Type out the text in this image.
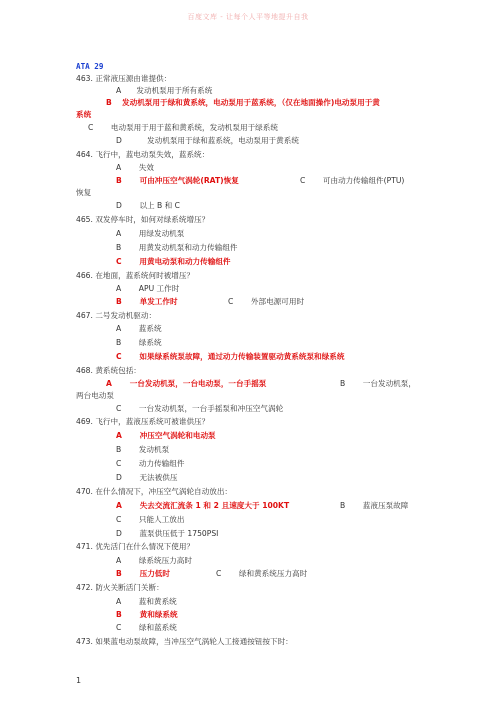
百度文库 - 让每个人平等地提升自我
ATA 29
463. 正常液压源由谁提供：
A　　发动机泵用于所有系统
B　 发动机泵用于绿和黄系统，电动泵用于蓝系统，（仅在地面操作)电动泵用于黄
系统
C　　 电动泵用于用于蓝和黄系统，发动机泵用于绿系统
D　　　 发动机泵用于绿和蓝系统，电动泵用于黄系统
464. 飞行中，蓝电动泵失效，蓝系统：
A　　 失效
B　　 可由冲压空气涡轮(RAT)恢复	C　　 可由动力传输组件(PTU)
恢复
D　　 以上 B 和 C
465. 双发停车时，如何对绿系统增压？
A　　 用绿发动机泵
B　　 用黄发动机泵和动力传输组件
C　　 用黄电动泵和动力传输组件
466. 在地面，蓝系统何时被增压？
A　　 APU 工作时
B　　 单发工作时	C　　 外部电源可用时
467. 二号发动机驱动：
A　　 蓝系统
B　　 绿系统
C　　 如果绿系统泵故障，通过动力传输装置驱动黄系统泵和绿系统
468. 黄系统包括：
A　　 一台发动机泵，一台电动泵，一台手摇泵	B　　 一台发动机泵，
两台电动泵
C　　 一台发动机泵，一台手摇泵和冲压空气涡轮
469. 飞行中，蓝液压系统可被谁供压？
A　　 冲压空气涡轮和电动泵
B　　 发动机泵
C　　 动力传输组件
D　　 无法被供压
470. 在什么情况下，冲压空气涡轮自动放出：
A　　 失去交流汇流条 1 和 2 且速度大于 100KT	B　　 蓝液压泵故障
C　　 只能人工放出
D　　 蓝泵供压低于 1750PSI
471. 优先活门在什么情况下使用？
A　　 绿系统压力高时
B　　 压力低时	C　　 绿和黄系统压力高时
472. 防火关断活门关断：
A　　 蓝和黄系统
B　　 黄和绿系统
C　　 绿和蓝系统
473. 如果蓝电动泵故障，当冲压空气涡轮人工接通按钮按下时：
1
